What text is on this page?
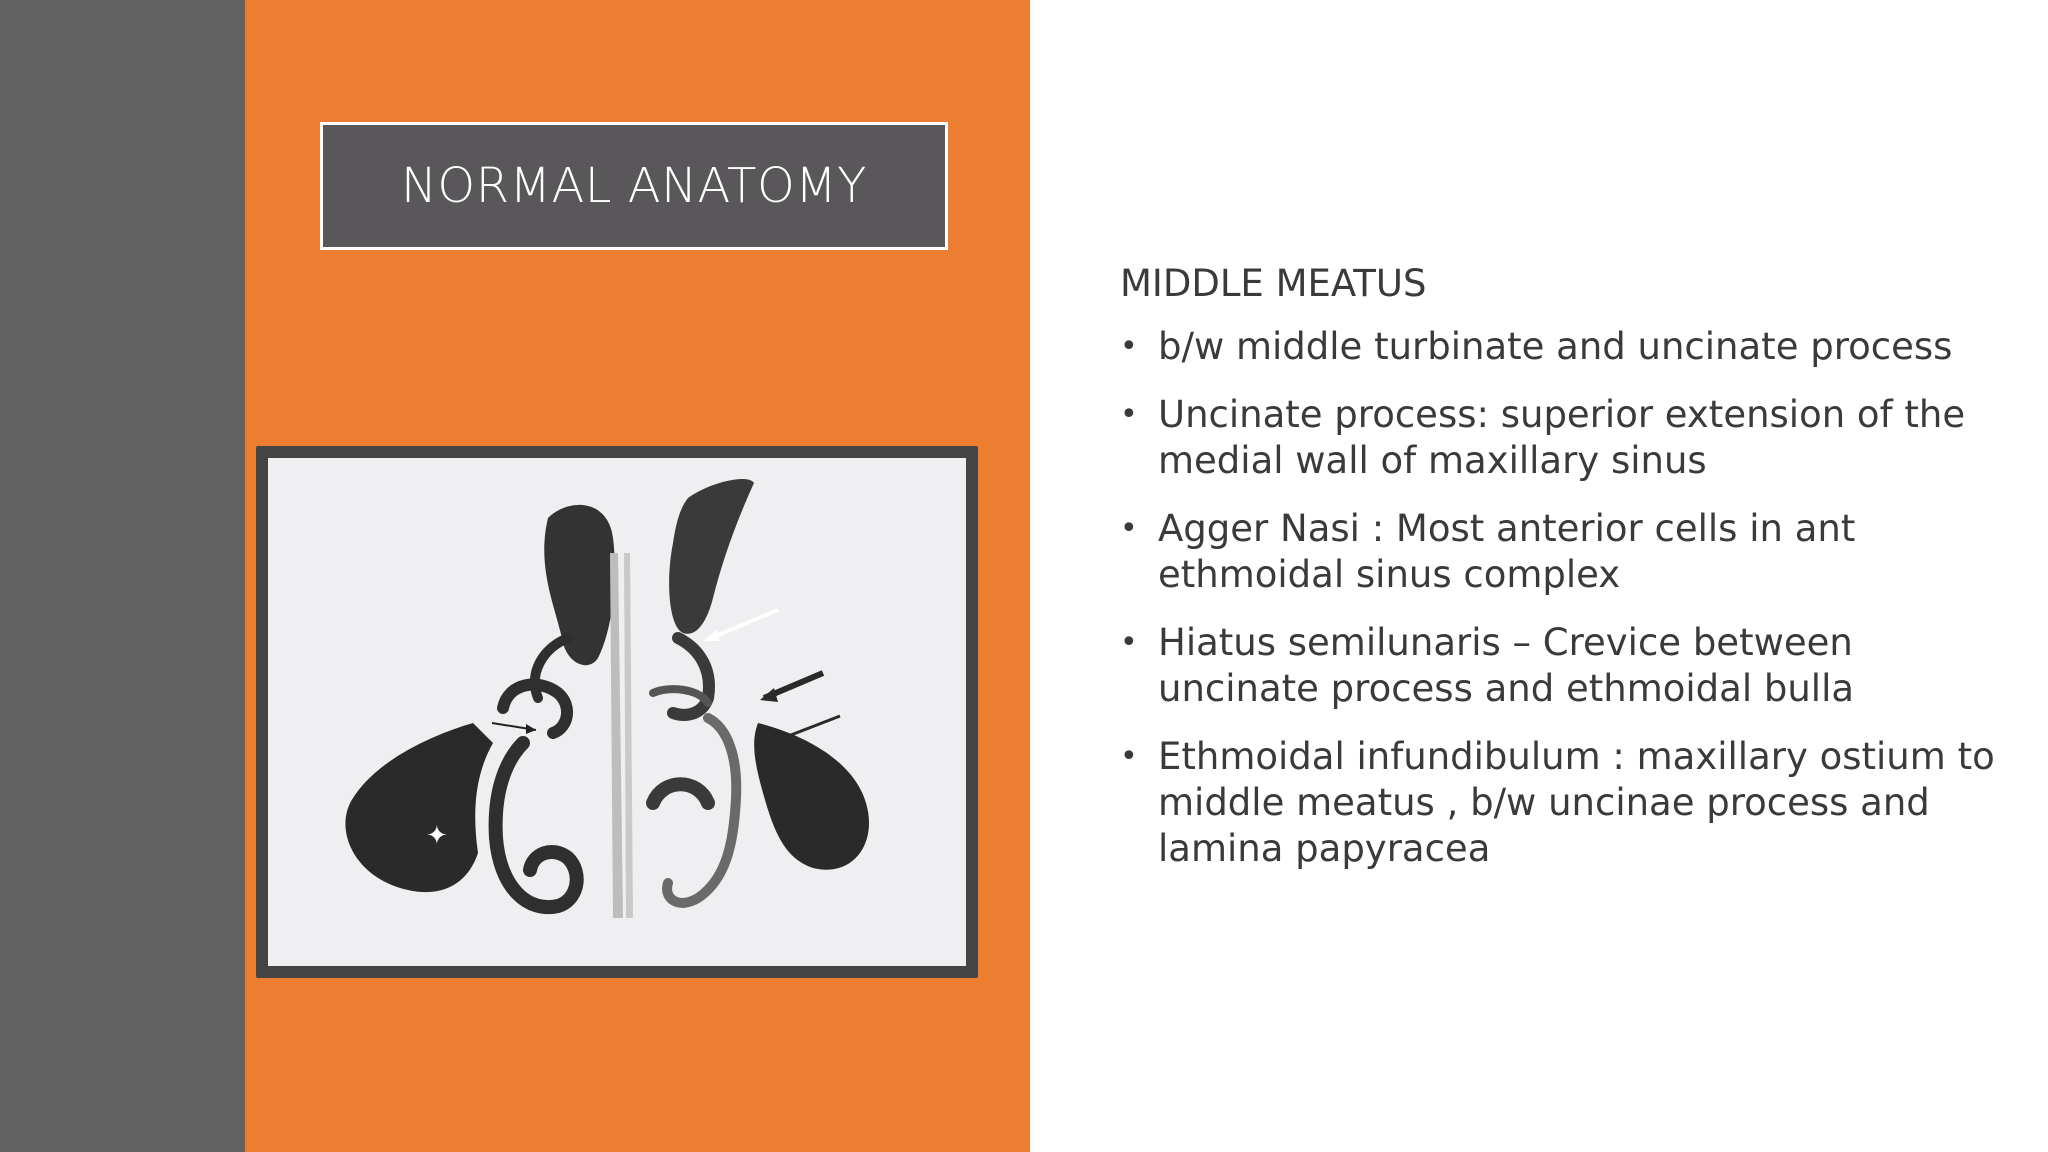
NORMAL ANATOMY
✦
MIDDLE MEATUS
• b/w middle turbinate and uncinate process
• Uncinate process: superior extension of the medial wall of maxillary sinus
• Agger Nasi : Most anterior cells in ant ethmoidal sinus complex
• Hiatus semilunaris – Crevice between uncinate process and ethmoidal bulla
• Ethmoidal infundibulum : maxillary ostium to middle meatus , b/w uncinae process and lamina papyracea
